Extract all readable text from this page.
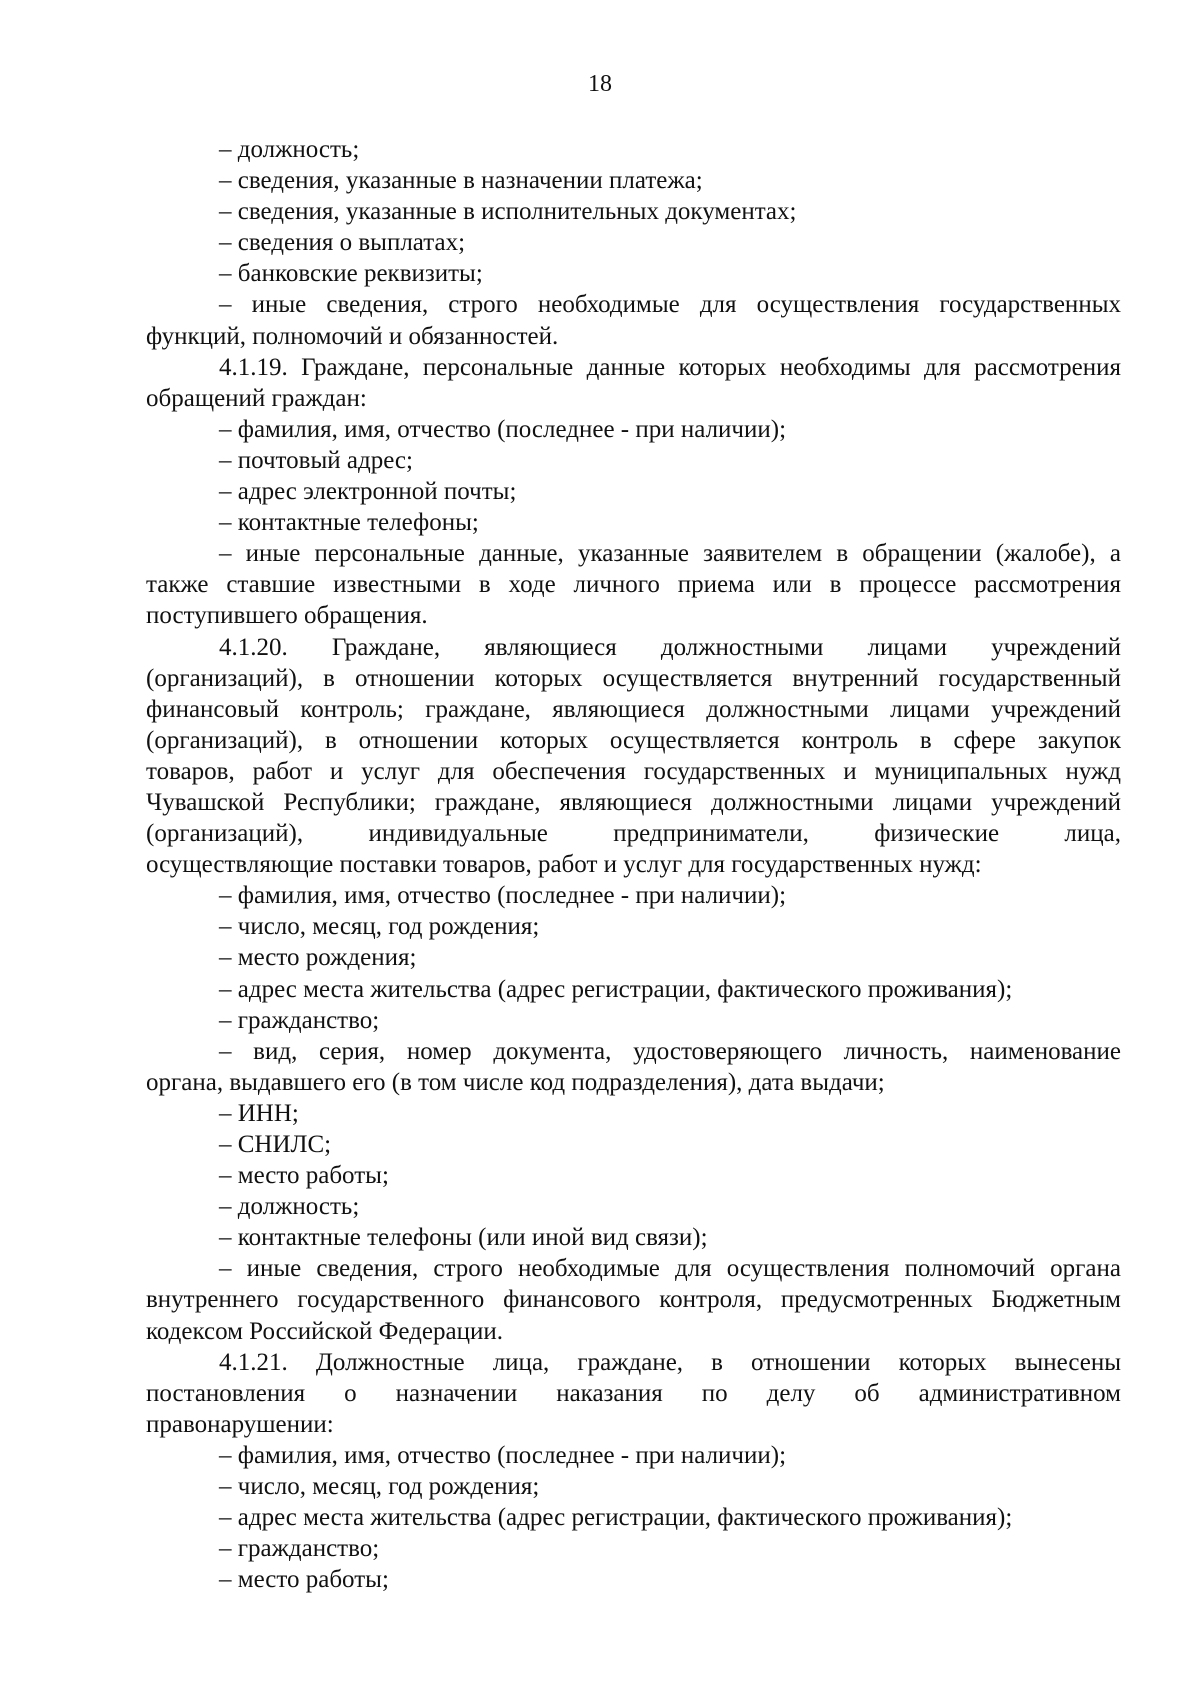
18

– должность;

– сведения, указанные в назначении платежа;

– сведения, указанные в исполнительных документах;

– сведения о выплатах;

– банковские реквизиты;

– иные сведения, строго необходимые для осуществления государственных

функций, полномочий и обязанностей.

4.1.19. Граждане, персональные данные которых необходимы для рассмотрения

обращений граждан:

– фамилия, имя, отчество (последнее - при наличии);

– почтовый адрес;

– адрес электронной почты;

– контактные телефоны;

– иные персональные данные, указанные заявителем в обращении (жалобе), а

также ставшие известными в ходе личного приема или в процессе рассмотрения

поступившего обращения.

4.1.20. Граждане, являющиеся должностными лицами учреждений

(организаций), в отношении которых осуществляется внутренний государственный

финансовый контроль; граждане, являющиеся должностными лицами учреждений

(организаций), в отношении которых осуществляется контроль в сфере закупок

товаров, работ и услуг для обеспечения государственных и муниципальных нужд

Чувашской Республики; граждане, являющиеся должностными лицами учреждений

(организаций), индивидуальные предприниматели, физические лица,

осуществляющие поставки товаров, работ и услуг для государственных нужд:

– фамилия, имя, отчество (последнее - при наличии);

– число, месяц, год рождения;

– место рождения;

– адрес места жительства (адрес регистрации, фактического проживания);

– гражданство;

– вид, серия, номер документа, удостоверяющего личность, наименование

органа, выдавшего его (в том числе код подразделения), дата выдачи;

– ИНН;

– СНИЛС;

– место работы;

– должность;

– контактные телефоны (или иной вид связи);

– иные сведения, строго необходимые для осуществления полномочий органа

внутреннего государственного финансового контроля, предусмотренных Бюджетным

кодексом Российской Федерации.

4.1.21. Должностные лица, граждане, в отношении которых вынесены

постановления о назначении наказания по делу об административном

правонарушении:

– фамилия, имя, отчество (последнее - при наличии);

– число, месяц, год рождения;

– адрес места жительства (адрес регистрации, фактического проживания);

– гражданство;

– место работы;
